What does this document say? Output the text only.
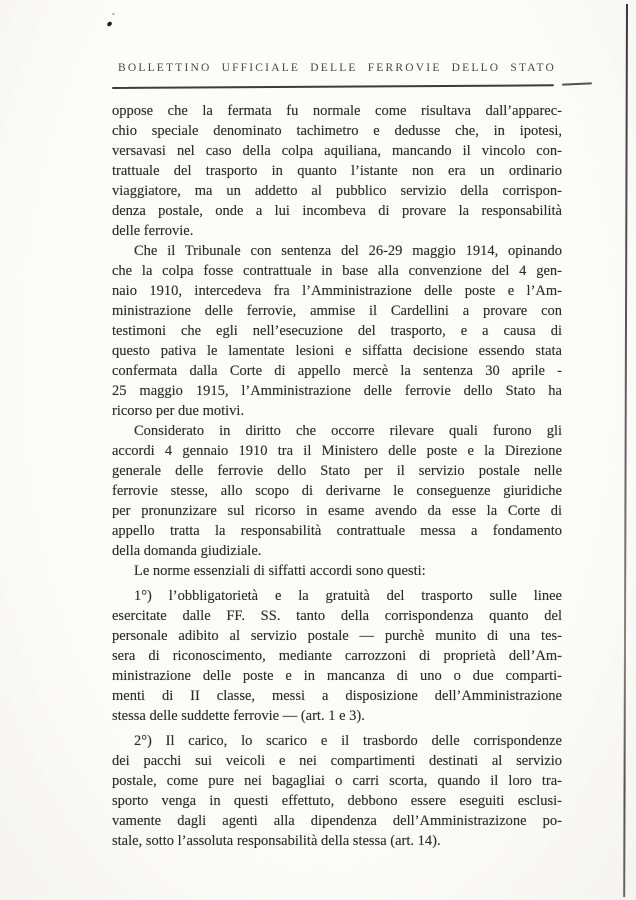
BOLLETTINO UFFICIALE DELLE FERROVIE DELLO STATO
oppose che la fermata fu normale come risultava dall’apparec-
chio speciale denominato tachimetro e dedusse che, in ipotesi,
versavasi nel caso della colpa aquiliana, mancando il vincolo con-
trattuale del trasporto in quanto l’istante non era un ordinario
viaggiatore, ma un addetto al pubblico servizio della corrispon-
denza postale, onde a lui incombeva di provare la responsabilità
delle ferrovie.
Che il Tribunale con sentenza del 26-29 maggio 1914, opinando
che la colpa fosse contrattuale in base alla convenzione del 4 gen-
naio 1910, intercedeva fra l’Amministrazione delle poste e l’Am-
ministrazione delle ferrovie, ammise il Cardellini a provare con
testimoni che egli nell’esecuzione del trasporto, e a causa di
questo pativa le lamentate lesioni e siffatta decisione essendo stata
confermata dalla Corte di appello mercè la sentenza 30 aprile -
25 maggio 1915, l’Amministrazione delle ferrovie dello Stato ha
ricorso per due motivi.
Considerato in diritto che occorre rilevare quali furono gli
accordi 4 gennaio 1910 tra il Ministero delle poste e la Direzione
generale delle ferrovie dello Stato per il servizio postale nelle
ferrovie stesse, allo scopo di derivarne le conseguenze giuridiche
per pronunzizare sul ricorso in esame avendo da esse la Corte di
appello tratta la responsabilità contrattuale messa a fondamento
della domanda giudiziale.
Le norme essenziali di siffatti accordi sono questi:
1°) l’obbligatorietà e la gratuità del trasporto sulle linee
esercitate dalle FF. SS. tanto della corrispondenza quanto del
personale adibito al servizio postale — purchè munito di una tes-
sera di riconoscimento, mediante carrozzoni di proprietà dell’Am-
ministrazione delle poste e in mancanza di uno o due comparti-
menti di II classe, messi a disposizione dell’Amministrazione
stessa delle suddette ferrovie — (art. 1 e 3).
2°) Il carico, lo scarico e il trasbordo delle corrispondenze
dei pacchi sui veicoli e nei compartimenti destinati al servizio
postale, come pure nei bagagliai o carri scorta, quando il loro tra-
sporto venga in questi effettuto, debbono essere eseguiti esclusi-
vamente dagli agenti alla dipendenza dell’Amministrazizone po-
stale, sotto l’assoluta responsabilità della stessa (art. 14).
